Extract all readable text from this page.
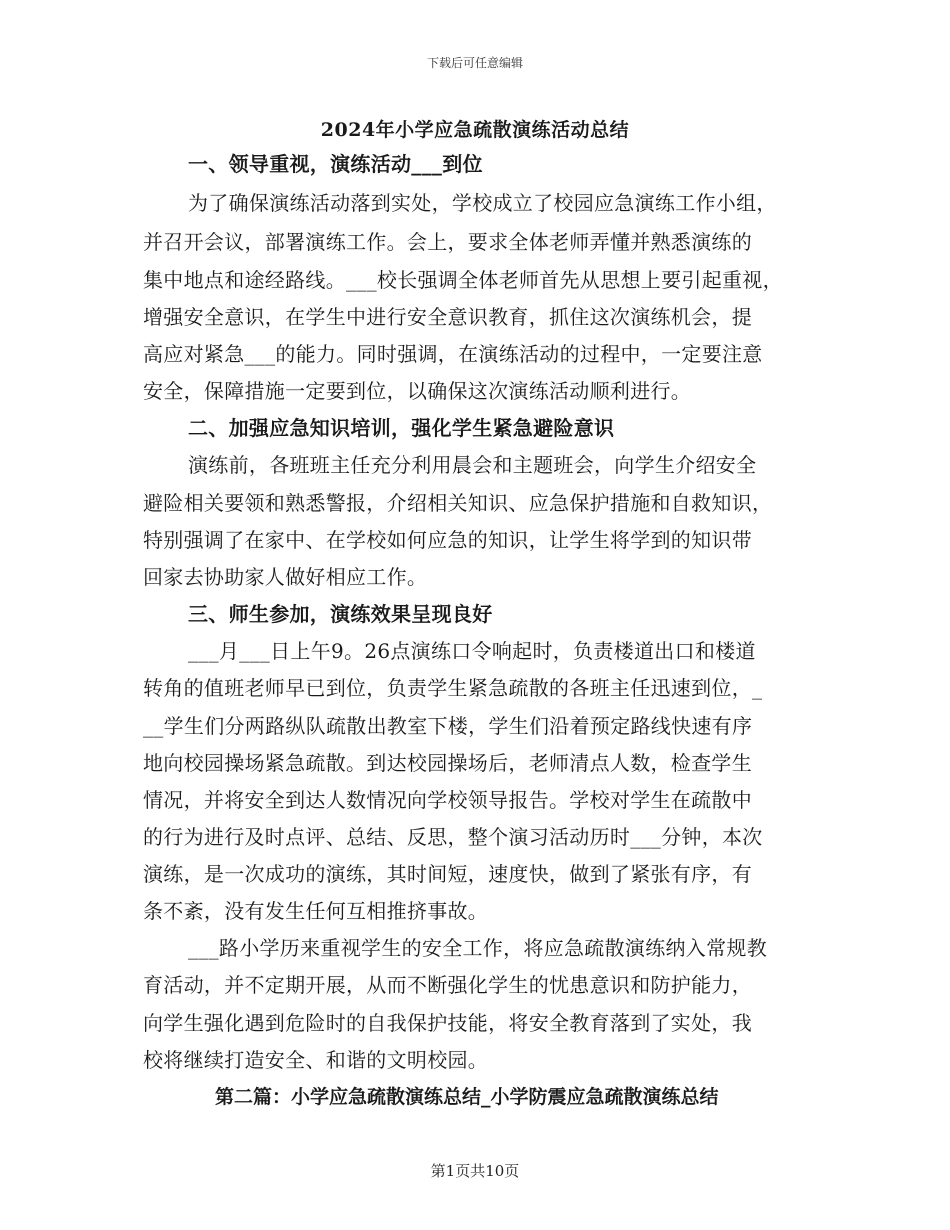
下载后可任意编辑
2024年小学应急疏散演练活动总结
一、领导重视，演练活动___到位
为了确保演练活动落到实处，学校成立了校园应急演练工作小组，
并召开会议，部署演练工作。会上，要求全体老师弄懂并熟悉演练的
集中地点和途经路线。___校长强调全体老师首先从思想上要引起重视，
增强安全意识，在学生中进行安全意识教育，抓住这次演练机会，提
高应对紧急___的能力。同时强调，在演练活动的过程中，一定要注意
安全，保障措施一定要到位，以确保这次演练活动顺利进行。
二、加强应急知识培训，强化学生紧急避险意识
演练前，各班班主任充分利用晨会和主题班会，向学生介绍安全
避险相关要领和熟悉警报，介绍相关知识、应急保护措施和自救知识，
特别强调了在家中、在学校如何应急的知识，让学生将学到的知识带
回家去协助家人做好相应工作。
三、师生参加，演练效果呈现良好
___月___日上午9。26点演练口令响起时，负责楼道出口和楼道
转角的值班老师早已到位，负责学生紧急疏散的各班主任迅速到位，_
__学生们分两路纵队疏散出教室下楼，学生们沿着预定路线快速有序
地向校园操场紧急疏散。到达校园操场后，老师清点人数，检查学生
情况，并将安全到达人数情况向学校领导报告。学校对学生在疏散中
的行为进行及时点评、总结、反思，整个演习活动历时___分钟，本次
演练，是一次成功的演练，其时间短，速度快，做到了紧张有序，有
条不紊，没有发生任何互相推挤事故。
___路小学历来重视学生的安全工作，将应急疏散演练纳入常规教
育活动，并不定期开展，从而不断强化学生的忧患意识和防护能力，
向学生强化遇到危险时的自我保护技能，将安全教育落到了实处，我
校将继续打造安全、和谐的文明校园。
第二篇：小学应急疏散演练总结_小学防震应急疏散演练总结
第1页共10页
